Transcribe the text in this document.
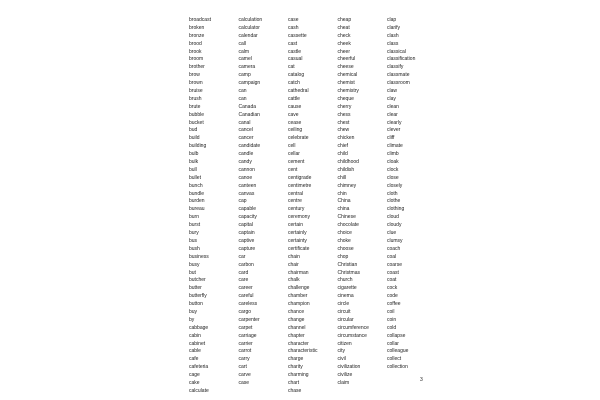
broadcast
broken
bronze
brood
brook
broom
brother
brow
brown
bruise
brush
brute
bubble
bucket
bud
build
building
bulb
bulk
bull
bullet
bunch
bundle
burden
bureau
burn
burst
bury
bus
bush
business
busy
but
butcher
butter
butterfly
button
buy
by
cabbage
cabin
cabinet
cable
cafe
cafeteria
cage
cake
calculate
calculation
calculator
calendar
call
calm
camel
camera
camp
campaign
can
can
Canada
Canadian
canal
cancel
cancer
candidate
candle
candy
cannon
canoe
canteen
canvas
cap
capable
capacity
capital
captain
captive
capture
car
carbon
card
care
career
careful
careless
cargo
carpenter
carpet
carriage
carrier
carrot
carry
cart
carve
case
case
cash
cassette
cast
castle
casual
cat
catalog
catch
cathedral
cattle
cause
cave
cease
ceiling
celebrate
cell
cellar
cement
cent
centigrade
centimetre
central
centre
century
ceremony
certain
certainly
certainty
certificate
chain
chair
chairman
chalk
challenge
chamber
champion
chance
change
channel
chapter
character
characteristic
charge
charity
charming
chart
chase
cheap
cheat
check
cheek
cheer
cheerful
cheese
chemical
chemist
chemistry
cheque
cherry
chess
chest
chew
chicken
chief
child
childhood
childish
chill
chimney
chin
China
china
Chinese
chocolate
choice
choke
choose
chop
Christian
Christmas
church
cigarette
cinema
circle
circuit
circular
circumference
circumstance
citizen
city
civil
civilization
civilize
claim
clap
clarify
clash
class
classical
classification
classify
classmate
classroom
claw
clay
clean
clear
clearly
clever
cliff
climate
climb
cloak
clock
close
closely
cloth
clothe
clothing
cloud
cloudy
clue
clumsy
coach
coal
coarse
coast
coat
cock
code
coffee
coil
coin
cold
collapse
collar
colleague
collect
collection
3
